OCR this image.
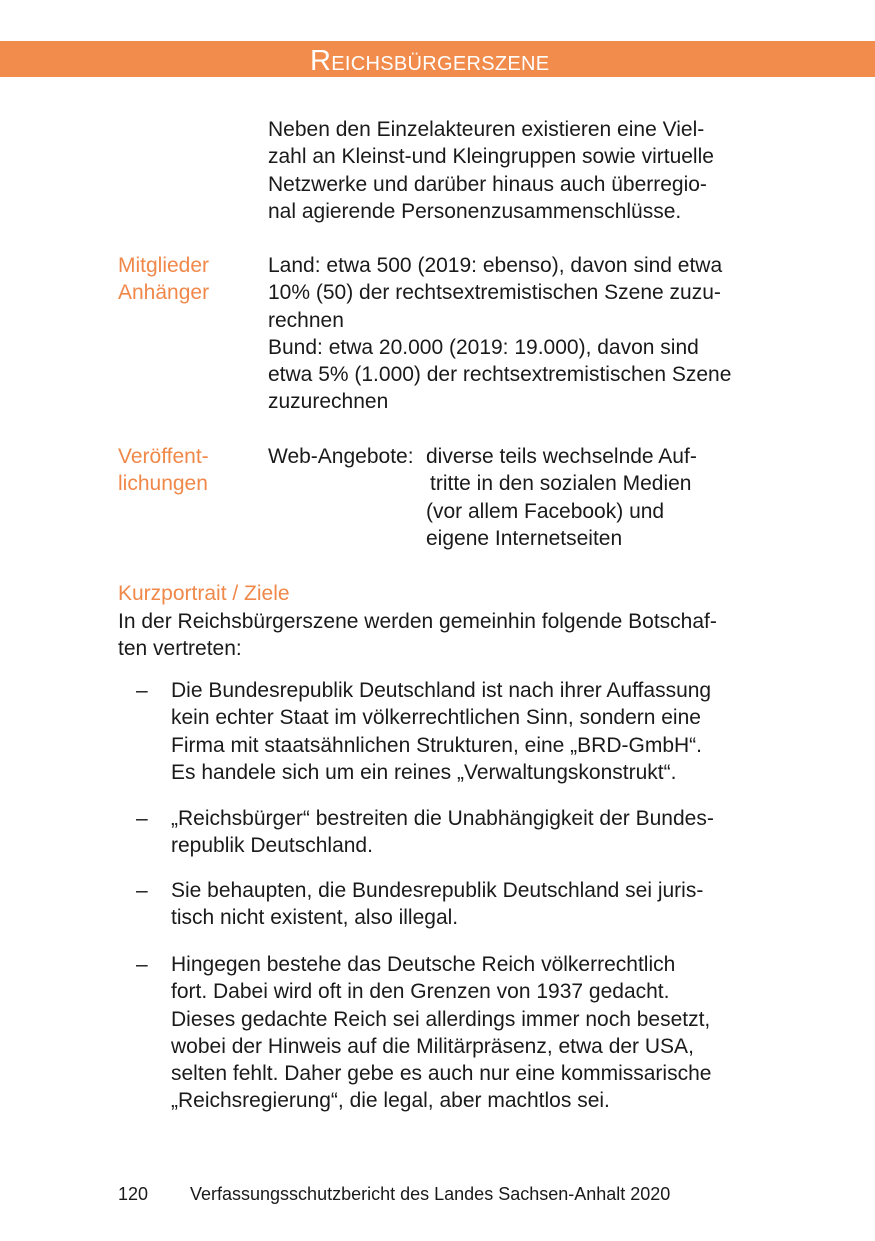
Reichsbürgerszene
Neben den Einzelakteuren existieren eine Viel-
zahl an Kleinst-und Kleingruppen sowie virtuelle
Netzwerke und darüber hinaus auch überregio-
nal agierende Personenzusammenschlüsse.
Mitglieder
Anhänger
Land: etwa 500 (2019: ebenso), davon sind etwa
10% (50) der rechtsextremistischen Szene zuzu-
rechnen
Bund: etwa 20.000 (2019: 19.000), davon sind
etwa 5% (1.000) der rechtsextremistischen Szene
zuzurechnen
Veröffent-
lichungen
Web-Angebote: diverse teils wechselnde Auf-
tritte in den sozialen Medien
(vor allem Facebook) und
eigene Internetseiten
Kurzportrait / Ziele
In der Reichsbürgerszene werden gemeinhin folgende Botschaf-
ten vertreten:
– Die Bundesrepublik Deutschland ist nach ihrer Auffassung
kein echter Staat im völkerrechtlichen Sinn, sondern eine
Firma mit staatsähnlichen Strukturen, eine „BRD-GmbH“.
Es handele sich um ein reines „Verwaltungskonstrukt“.
– „Reichsbürger“ bestreiten die Unabhängigkeit der Bundes-
republik Deutschland.
– Sie behaupten, die Bundesrepublik Deutschland sei juris-
tisch nicht existent, also illegal.
– Hingegen bestehe das Deutsche Reich völkerrechtlich
fort. Dabei wird oft in den Grenzen von 1937 gedacht.
Dieses gedachte Reich sei allerdings immer noch besetzt,
wobei der Hinweis auf die Militärpräsenz, etwa der USA,
selten fehlt. Daher gebe es auch nur eine kommissarische
„Reichsregierung“, die legal, aber machtlos sei.
120 Verfassungsschutzbericht des Landes Sachsen-Anhalt 2020
